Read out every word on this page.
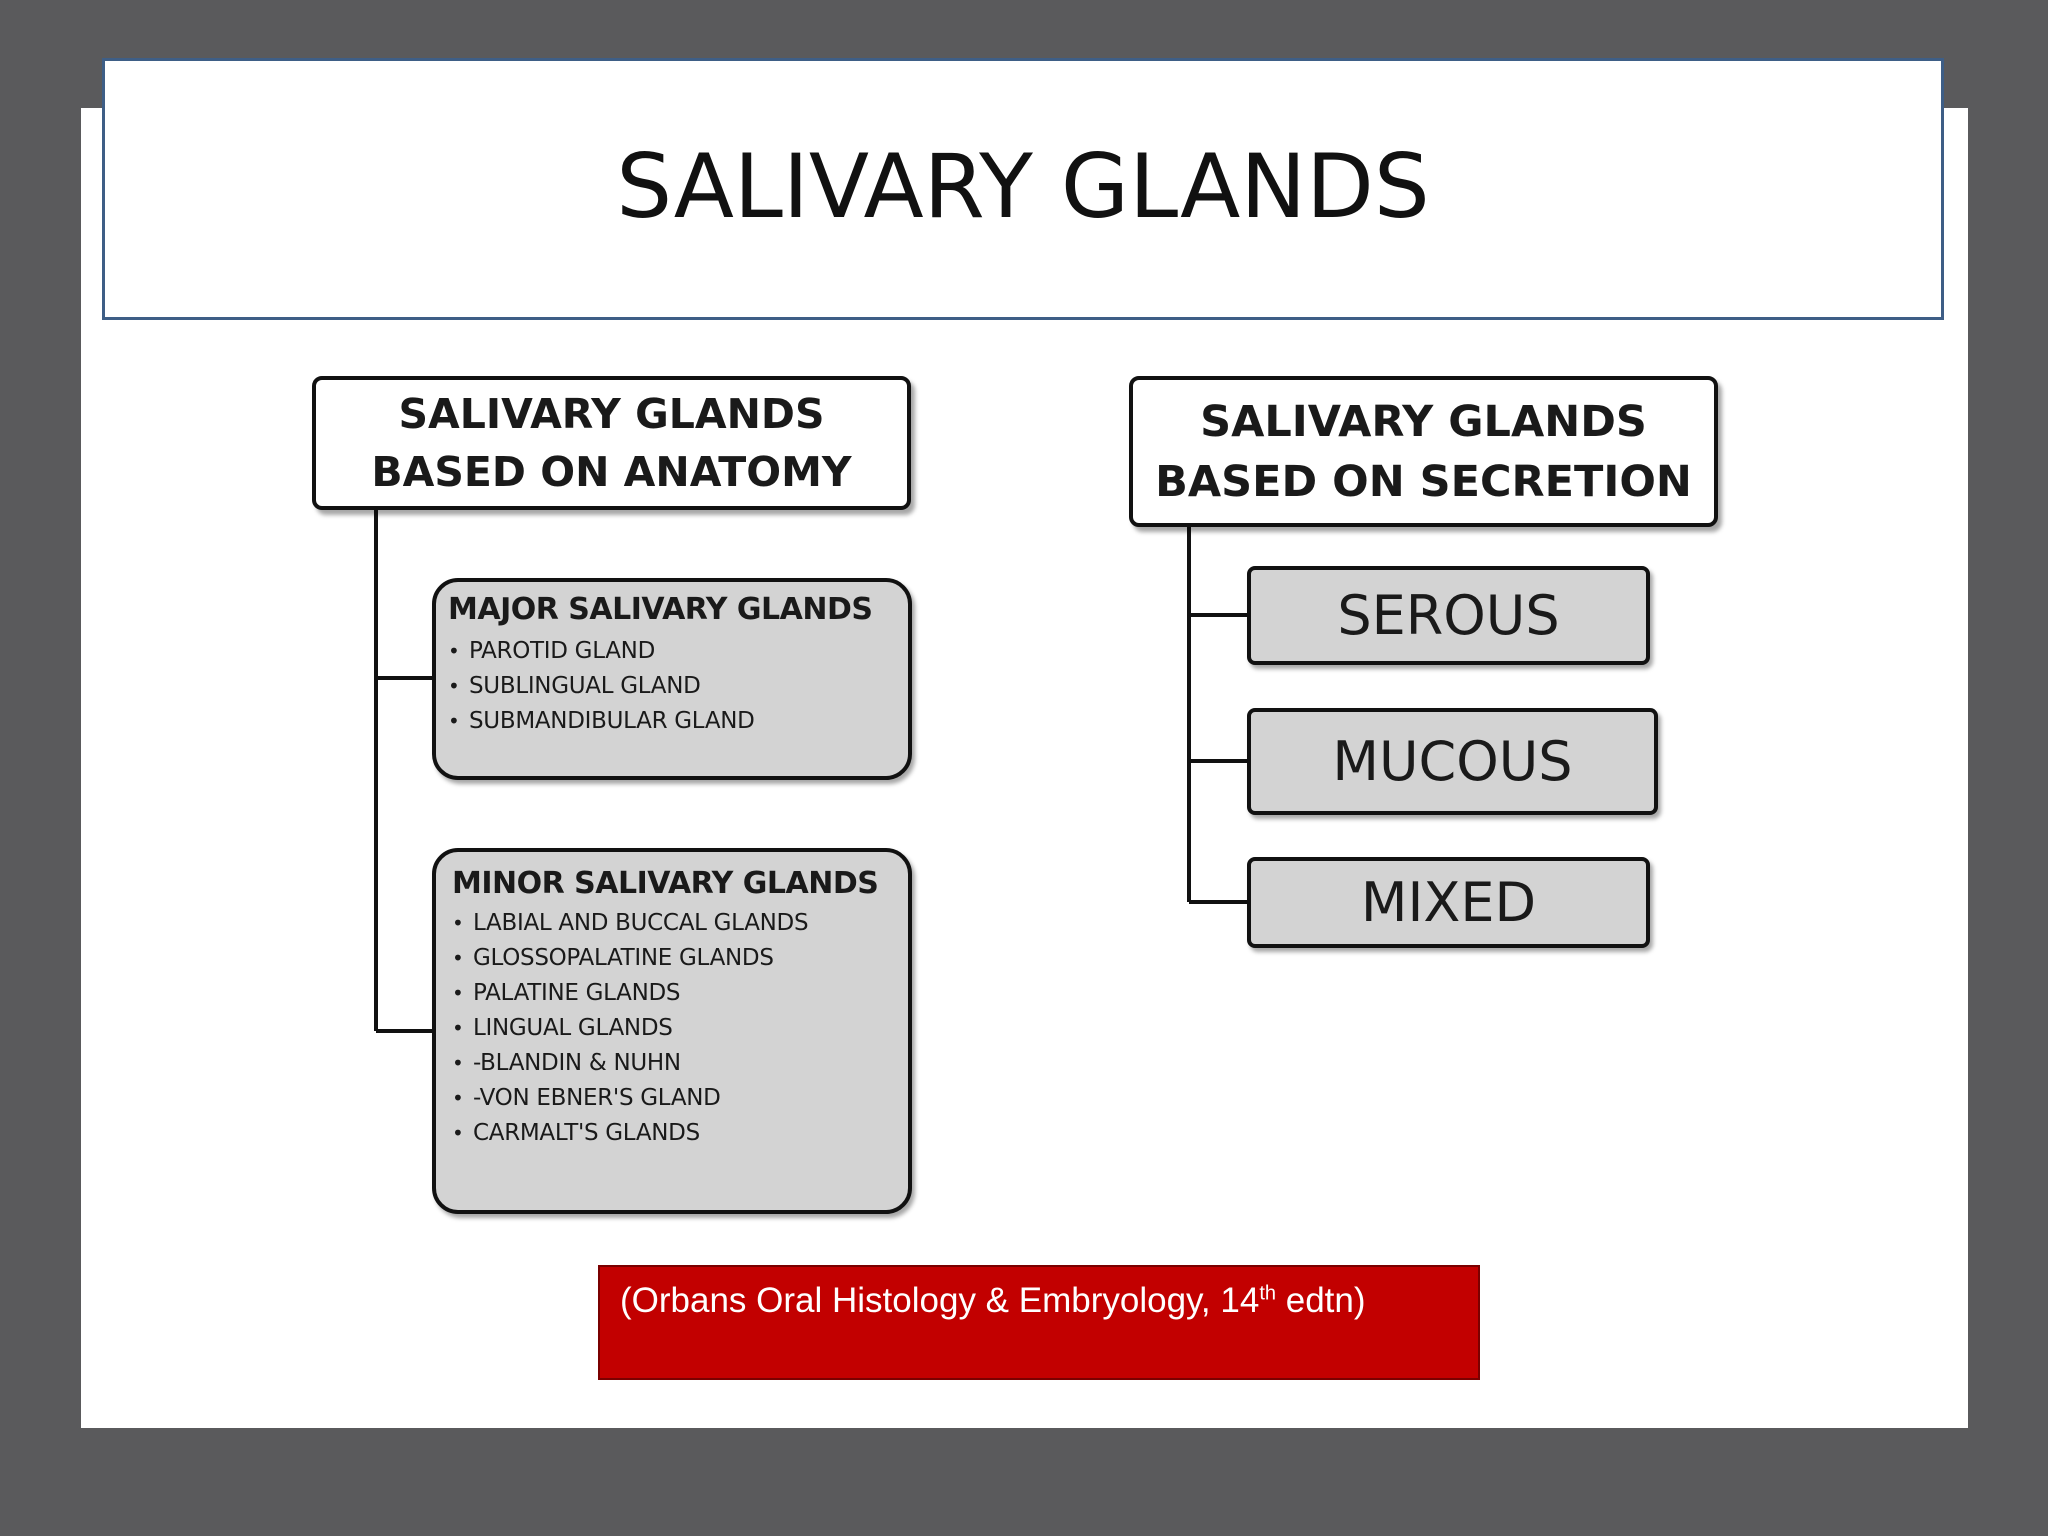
SALIVARY GLANDS
SALIVARY GLANDS
BASED ON ANATOMY
MAJOR SALIVARY GLANDS
• PAROTID GLAND
• SUBLINGUAL GLAND
• SUBMANDIBULAR GLAND
MINOR SALIVARY GLANDS
• LABIAL AND BUCCAL GLANDS
• GLOSSOPALATINE GLANDS
• PALATINE GLANDS
• LINGUAL GLANDS
• -BLANDIN & NUHN
• -VON EBNER'S GLAND
• CARMALT'S GLANDS
SALIVARY GLANDS
BASED ON SECRETION
SEROUS
MUCOUS
MIXED
(Orbans Oral Histology & Embryology, 14th edtn)
